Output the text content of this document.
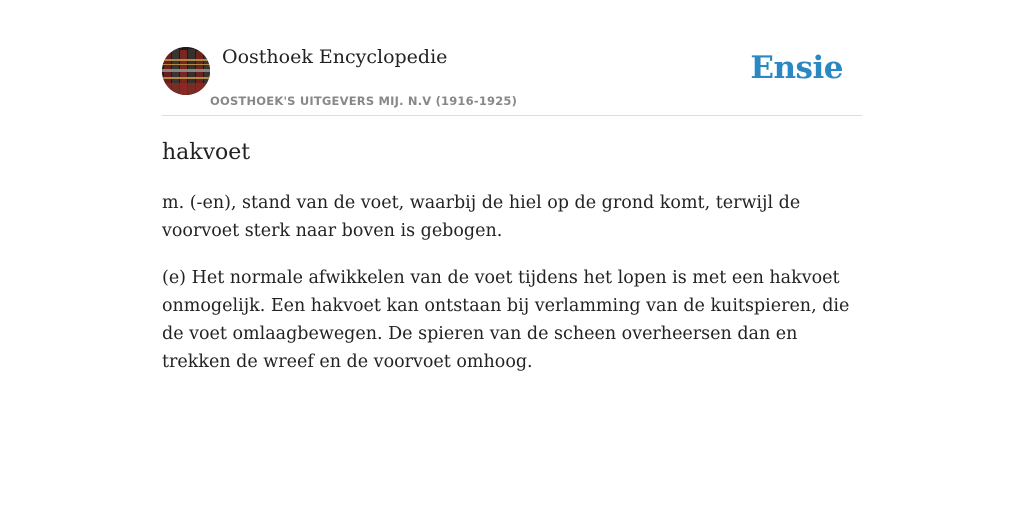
Oosthoek Encyclopedie
OOSTHOEK'S UITGEVERS MIJ. N.V (1916-1925)
Ensie
hakvoet

m. (-en), stand van de voet, waarbij de hiel op de grond komt, terwijl de voorvoet sterk naar boven is gebogen.

(e) Het normale afwikkelen van de voet tijdens het lopen is met een hakvoet onmogelijk. Een hakvoet kan ontstaan bij verlamming van de kuitspieren, die de voet omlaagbewegen. De spieren van de scheen overheersen dan en trekken de wreef en de voorvoet omhoog.
